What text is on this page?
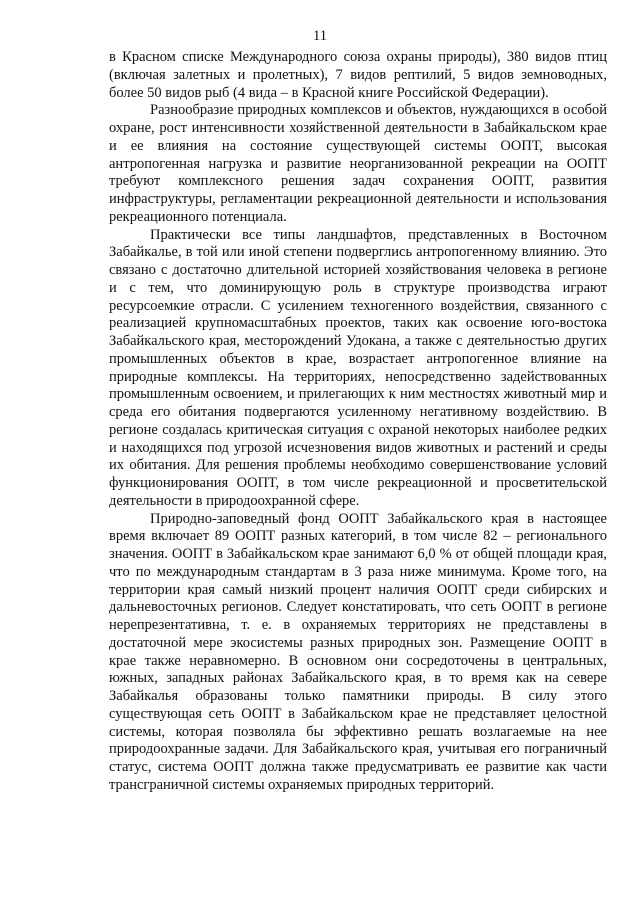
11

в Красном списке Международного союза охраны природы), 380 видов птиц (включая залетных и пролетных), 7 видов рептилий, 5 видов земноводных, более 50 видов рыб (4 вида – в Красной книге Российской Федерации).

Разнообразие природных комплексов и объектов, нуждающихся в особой охране, рост интенсивности хозяйственной деятельности в Забайкальском крае и ее влияния на состояние существующей системы ООПТ, высокая антропогенная нагрузка и развитие неорганизованной рекреации на ООПТ требуют комплексного решения задач сохранения ООПТ, развития инфраструктуры, регламентации рекреационной деятельности и использования рекреационного потенциала.

Практически все типы ландшафтов, представленных в Восточном Забайкалье, в той или иной степени подверглись антропогенному влиянию. Это связано с достаточно длительной историей хозяйствования человека в регионе и с тем, что доминирующую роль в структуре производства играют ресурсоемкие отрасли. С усилением техногенного воздействия, связанного с реализацией крупномасштабных проектов, таких как освоение юго-востока Забайкальского края, месторождений Удокана, а также с деятельностью других промышленных объектов в крае, возрастает антропогенное влияние на природные комплексы. На территориях, непосредственно задействованных промышленным освоением, и прилегающих к ним местностях животный мир и среда его обитания подвергаются усиленному негативному воздействию. В регионе создалась критическая ситуация с охраной некоторых наиболее редких и находящихся под угрозой исчезновения видов животных и растений и среды их обитания. Для решения проблемы необходимо совершенствование условий функционирования ООПТ, в том числе рекреационной и просветительской деятельности в природоохранной сфере.

Природно-заповедный фонд ООПТ Забайкальского края в настоящее время включает 89 ООПТ разных категорий, в том числе 82 – регионального значения. ООПТ в Забайкальском крае занимают 6,0 % от общей площади края, что по международным стандартам в 3 раза ниже минимума. Кроме того, на территории края самый низкий процент наличия ООПТ среди сибирских и дальневосточных регионов. Следует констатировать, что сеть ООПТ в регионе нерепрезентативна, т. е. в охраняемых территориях не представлены в достаточной мере экосистемы разных природных зон. Размещение ООПТ в крае также неравномерно. В основном они сосредоточены в центральных, южных, западных районах Забайкальского края, в то время как на севере Забайкалья образованы только памятники природы. В силу этого существующая сеть ООПТ в Забайкальском крае не представляет целостной системы, которая позволяла бы эффективно решать возлагаемые на нее природоохранные задачи. Для Забайкальского края, учитывая его пограничный статус, система ООПТ должна также предусматривать ее развитие как части трансграничной системы охраняемых природных территорий.
